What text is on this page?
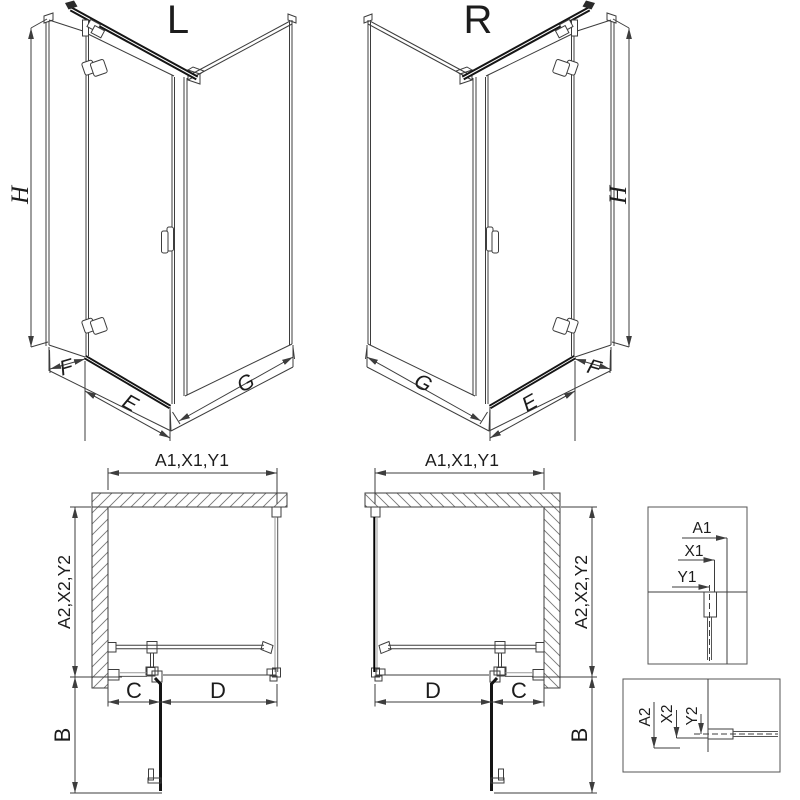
L
H
F
E
G
R
H
F
E
G
A1,X1,Y1
A2,X2,Y2
B
C	D
A1,X1,Y1
A2,X2,Y2
B
D	C
A1
X1
Y1
A2 X2 Y2
